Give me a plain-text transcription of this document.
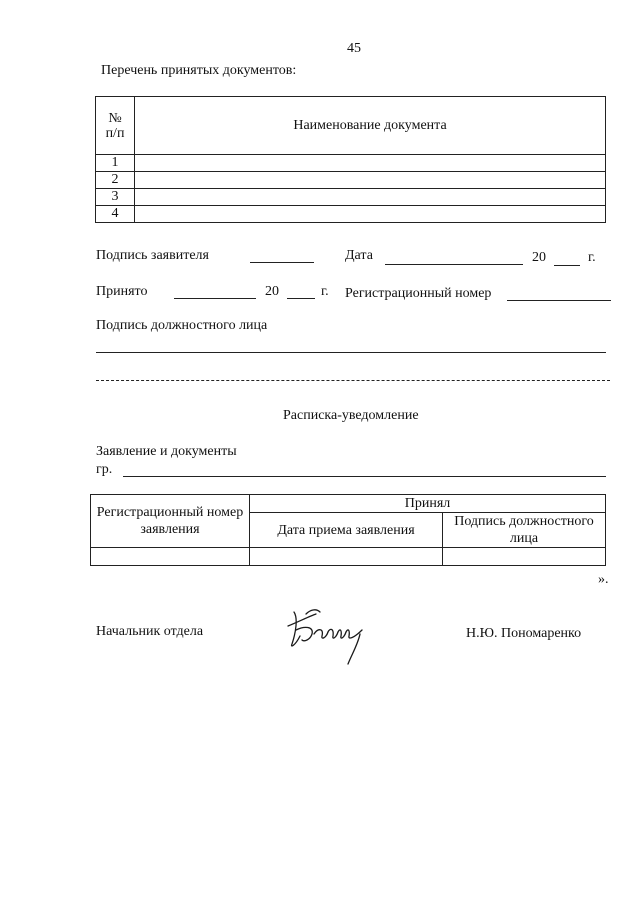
45
Перечень принятых документов:
№ п/п	Наименование документа
1	
2	
3	
4	
Подпись заявителя	Дата	20	г.
Принято	20	г. Регистрационный номер
Подпись должностного лица
Расписка-уведомление
Заявление и документы
гр.
Регистрационный номер заявления	Принял	
	Дата приема заявления	Подпись должностного лица

».
Начальник отдела	Н.Ю. Пономаренко
